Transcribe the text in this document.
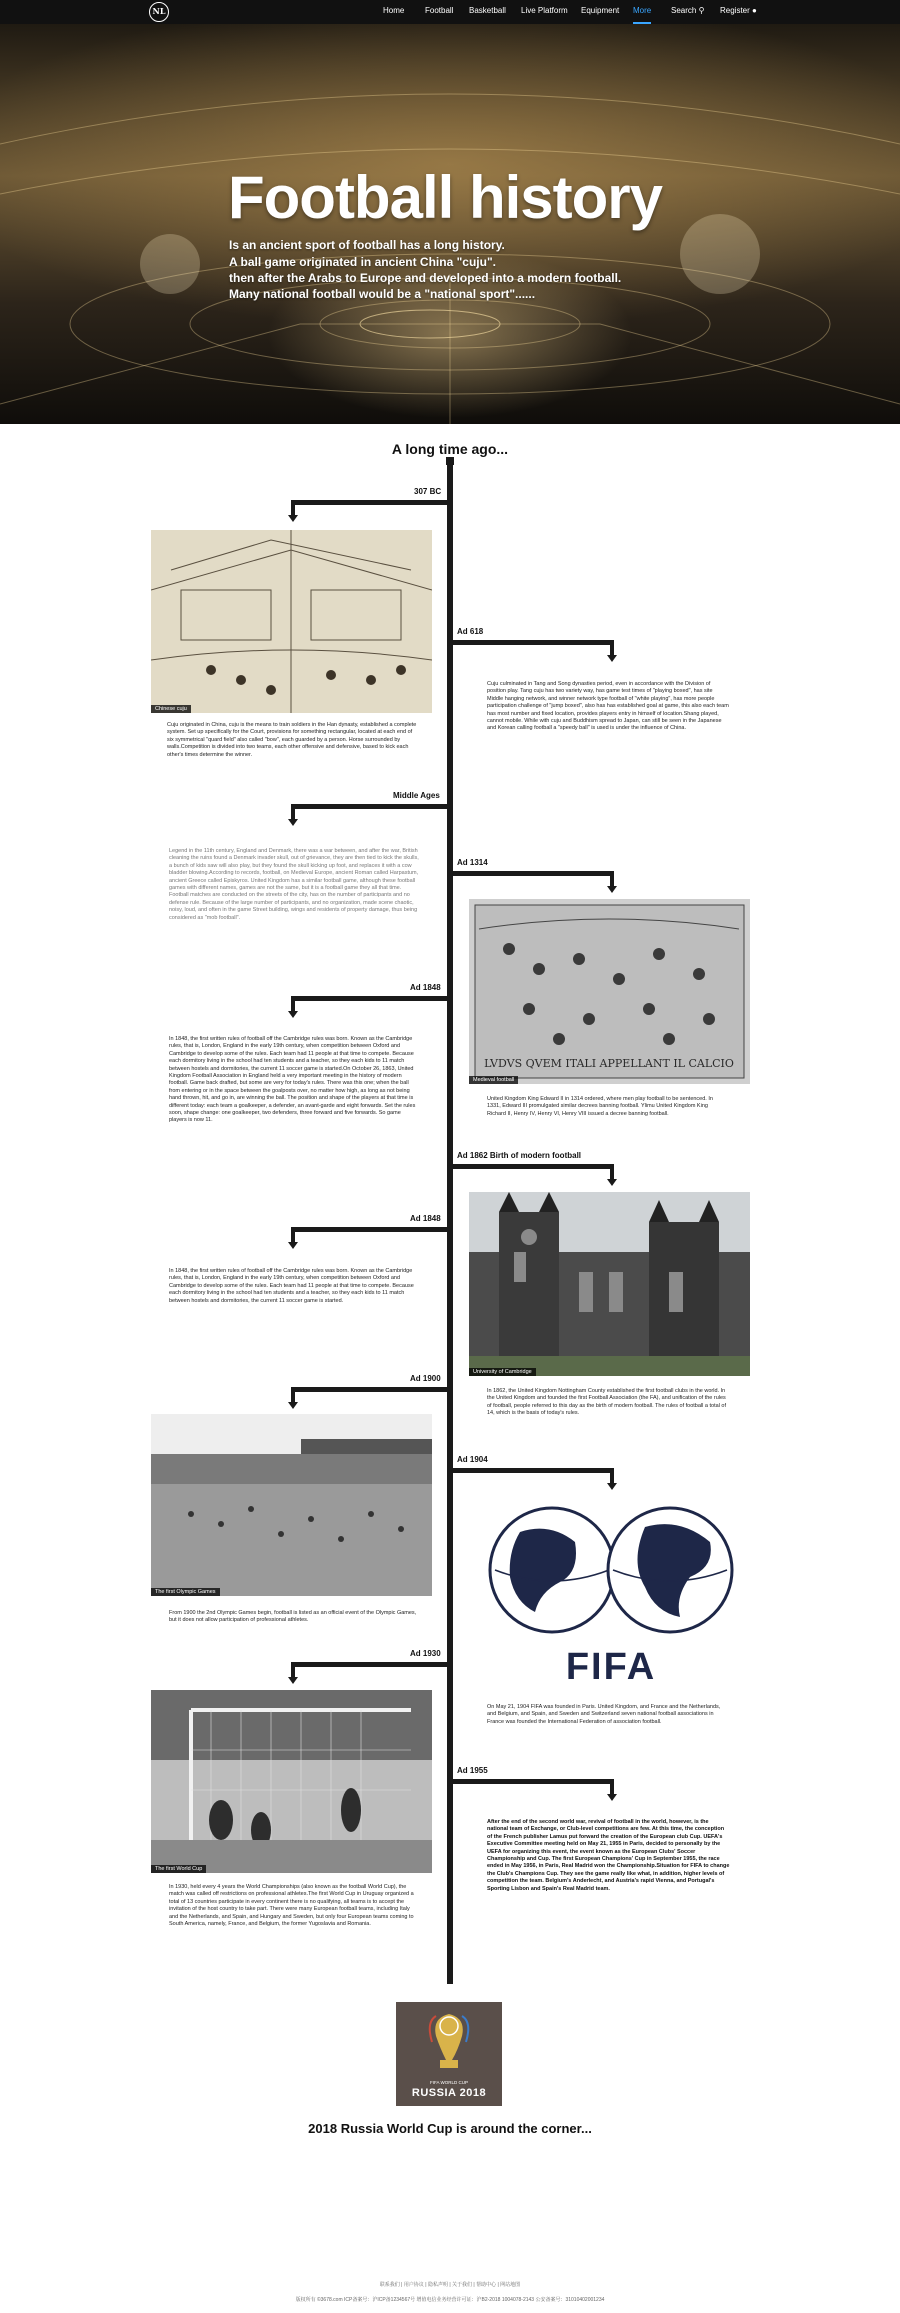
NL	Home	Football Basketball Live Platform Equipment More Search ⚲ Register ●
Football history
Is an ancient sport of football has a long history.
A ball game originated in ancient China "cuju".
then after the Arabs to Europe and developed into a modern football.
Many national football would be a "national sport"......
A long time ago...
307 BC
Chinese cuju
Cuju originated in China, cuju is the means to train soldiers in the Han dynasty, established a complete system. Set up specifically for the Court, provisions for something rectangular, located at each end of six symmetrical "quard field" also called "bow", each guarded by a person. Horse surrounded by walls.Competition is divided into two teams, each other offensive and defensive, based to kick each other's times determine the winner.
Ad 618
Cuju culminated in Tang and Song dynasties period, even in accordance with the Division of position play. Tang cuju has two variety way, has game test times of "playing boxed", has site Middle hanging network, and winner network type football of "white playing", has more people participation challenge of "jump boxed", also has has established goal at game, this also each team has most number and fixed location, provides players entry in himself of location.Shang played, cannot mobile. While with cuju and Buddhism spread to Japan, can still be seen in the Japanese and Korean calling football a "speedy ball" is used is under the influence of China.
Middle Ages
Legend in the 11th century, England and Denmark, there was a war between, and after the war, British cleaning the ruins found a Denmark invader skull, out of grievance, they are then tied to kick the skulls, a bunch of kids saw will also play, but they found the skull kicking up foot, and replaces it with a cow bladder blowing.According to records, football, on Medieval Europe, ancient Roman called Harpastum, ancient Greece called Episkyros. United Kingdom has a similar football game, although these football games with different names, games are not the same, but it is a football game they all that time. Football matches are conducted on the streets of the city, has on the number of participants and no defense rule. Because of the large number of participants, and no organization, made scene chaotic, noisy, loud, and often in the game Street building, wings and residents of property damage, thus being considered as "mob football".
Ad 1314
LVDVS QVEM ITALI APPELLANT IL CALCIO
Medieval football
United Kingdom King Edward II in 1314 ordered, where men play football to be sentenced. In 1331, Edward III promulgated similar decrees banning football. Ylimu United Kingdom King Richard II, Henry IV, Henry VI, Henry VIII issued a decree banning football.
Ad 1848
In 1848, the first written rules of football off the Cambridge rules was born. Known as the Cambridge rules, that is, London, England in the early 19th century, when competition between Oxford and Cambridge to develop some of the rules. Each team had 11 people at that time to compete. Because each dormitory living in the school had ten students and a teacher, so they each kids to 11 match between hostels and dormitories, the current 11 soccer game is started.On October 26, 1863, United Kingdom Football Association in England held a very important meeting in the history of modern football. Game back drafted, but some are very for today's rules. There was this one; when the ball from entering or in the space between the goalposts over, no matter how high, as long as not being hand thrown, hit, and go in, are winning the ball. The position and shape of the players at that time is different today: each team a goalkeeper, a defender, an avant-garde and eight forwards. Set the rules soon, shape change: one goalkeeper, two defenders, three forward and five forwards. So game players is now 11.
Ad 1862 Birth of modern football
University of Cambridge
In 1862, the United Kingdom Nottingham County established the first football clubs in the world. In the United Kingdom and founded the first Football Association (the FA), and unification of the rules of football, people referred to this day as the birth of modern football. The rules of football a total of 14, which is the basis of today's rules.
Ad 1848
In 1848, the first written rules of football off the Cambridge rules was born. Known as the Cambridge rules, that is, London, England in the early 19th century, when competition between Oxford and Cambridge to develop some of the rules. Each team had 11 people at that time to compete. Because each dormitory living in the school had ten students and a teacher, so they each kids to 11 match between hostels and dormitories, the current 11 soccer game is started.
Ad 1900
The first Olympic Games
From 1900 the 2nd Olympic Games begin, football is listed as an official event of the Olympic Games, but it does not allow participation of professional athletes.
Ad 1904
FIFA
On May 21, 1904 FIFA was founded in Paris. United Kingdom, and France and the Netherlands, and Belgium, and Spain, and Sweden and Switzerland seven national football associations in France was founded the International Federation of association football.
Ad 1930
The first World Cup
In 1930, held every 4 years the World Championships (also known as the football World Cup), the match was called off restrictions on professional athletes.The first World Cup in Uruguay organized a total of 13 countries participate in every continent there is no qualifying, all teams is to accept the invitation of the host country to take part. There were many European football teams, including Italy and the Netherlands, and Spain, and Hungary and Sweden, but only four European teams coming to South America, namely, France, and Belgium, the former Yugoslavia and Romania.
Ad 1955
After the end of the second world war, revival of football in the world, however, is the national team of Exchange, or Club-level competitions are few. At this time, the conception of the French publisher Lamus put forward the creation of the European club Cup. UEFA's Executive Committee meeting held on May 21, 1955 in Paris, decided to personally by the UEFA for organizing this event, the event known as the European Clubs' Soccer Championship and Cup. The first European Champions' Cup in September 1955, the race ended in May 1956, in Paris, Real Madrid won the Championship.Situation for FIFA to change the Club's Champions Cup. They see the game really like what, in addition, higher levels of competition the team. Belgium's Anderlecht, and Austria's rapid Vienna, and Portugal's Sporting Lisbon and Spain's Real Madrid team.
FIFA WORLD CUP
RUSSIA 2018
2018 Russia World Cup is around the corner...
联系我们 | 用户协议 | 隐私声明 | 关于我们 | 帮助中心 | 网站地图
版权所有 ©3678.com ICP备案号：沪ICP备1234567号 增值电信业务经营许可证：沪B2-2018 1004078-2143 公安备案号：31010402001234
